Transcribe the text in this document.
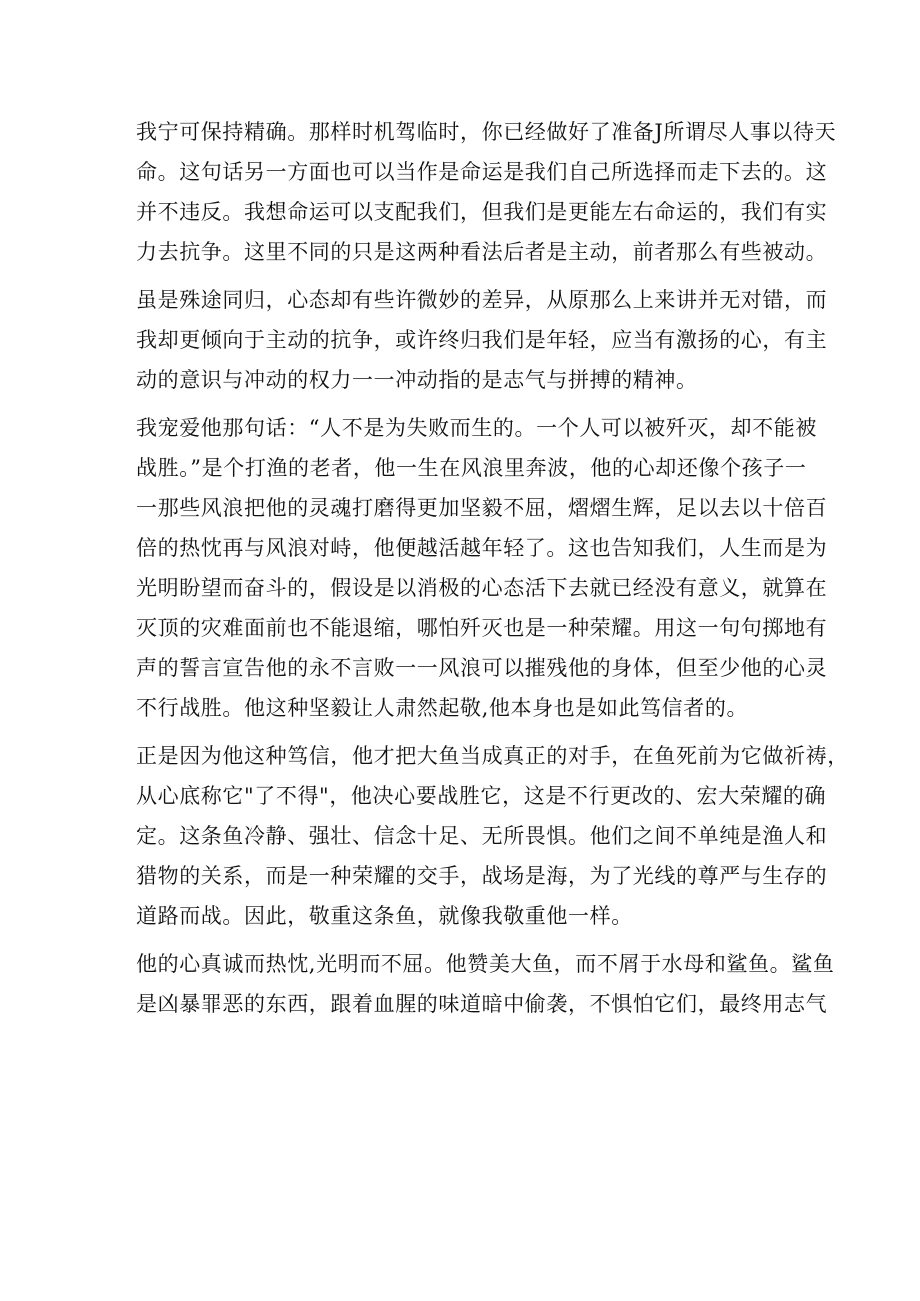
我宁可保持精确。那样时机驾临时，你已经做好了准备J所谓尽人事以待天
命。这句话另一方面也可以当作是命运是我们自己所选择而走下去的。这
并不违反。我想命运可以支配我们，但我们是更能左右命运的，我们有实
力去抗争。这里不同的只是这两种看法后者是主动，前者那么有些被动。

虽是殊途同归，心态却有些许微妙的差异，从原那么上来讲并无对错，而
我却更倾向于主动的抗争，或许终归我们是年轻，应当有激扬的心，有主
动的意识与冲动的权力一一冲动指的是志气与拼搏的精神。

我宠爱他那句话：“人不是为失败而生的。一个人可以被歼灭，却不能被
战胜。”是个打渔的老者，他一生在风浪里奔波，他的心却还像个孩子一
一那些风浪把他的灵魂打磨得更加坚毅不屈，熠熠生辉，足以去以十倍百
倍的热忱再与风浪对峙，他便越活越年轻了。这也告知我们，人生而是为
光明盼望而奋斗的，假设是以消极的心态活下去就已经没有意义，就算在
灭顶的灾难面前也不能退缩，哪怕歼灭也是一种荣耀。用这一句句掷地有
声的誓言宣告他的永不言败一一风浪可以摧残他的身体，但至少他的心灵
不行战胜。他这种坚毅让人肃然起敬,他本身也是如此笃信者的。

正是因为他这种笃信，他才把大鱼当成真正的对手，在鱼死前为它做祈祷，
从心底称它"了不得"，他决心要战胜它，这是不行更改的、宏大荣耀的确
定。这条鱼冷静、强壮、信念十足、无所畏惧。他们之间不单纯是渔人和
猎物的关系，而是一种荣耀的交手，战场是海，为了光线的尊严与生存的
道路而战。因此，敬重这条鱼，就像我敬重他一样。

他的心真诚而热忱,光明而不屈。他赞美大鱼，而不屑于水母和鲨鱼。鲨鱼
是凶暴罪恶的东西，跟着血腥的味道暗中偷袭，不惧怕它们，最终用志气
